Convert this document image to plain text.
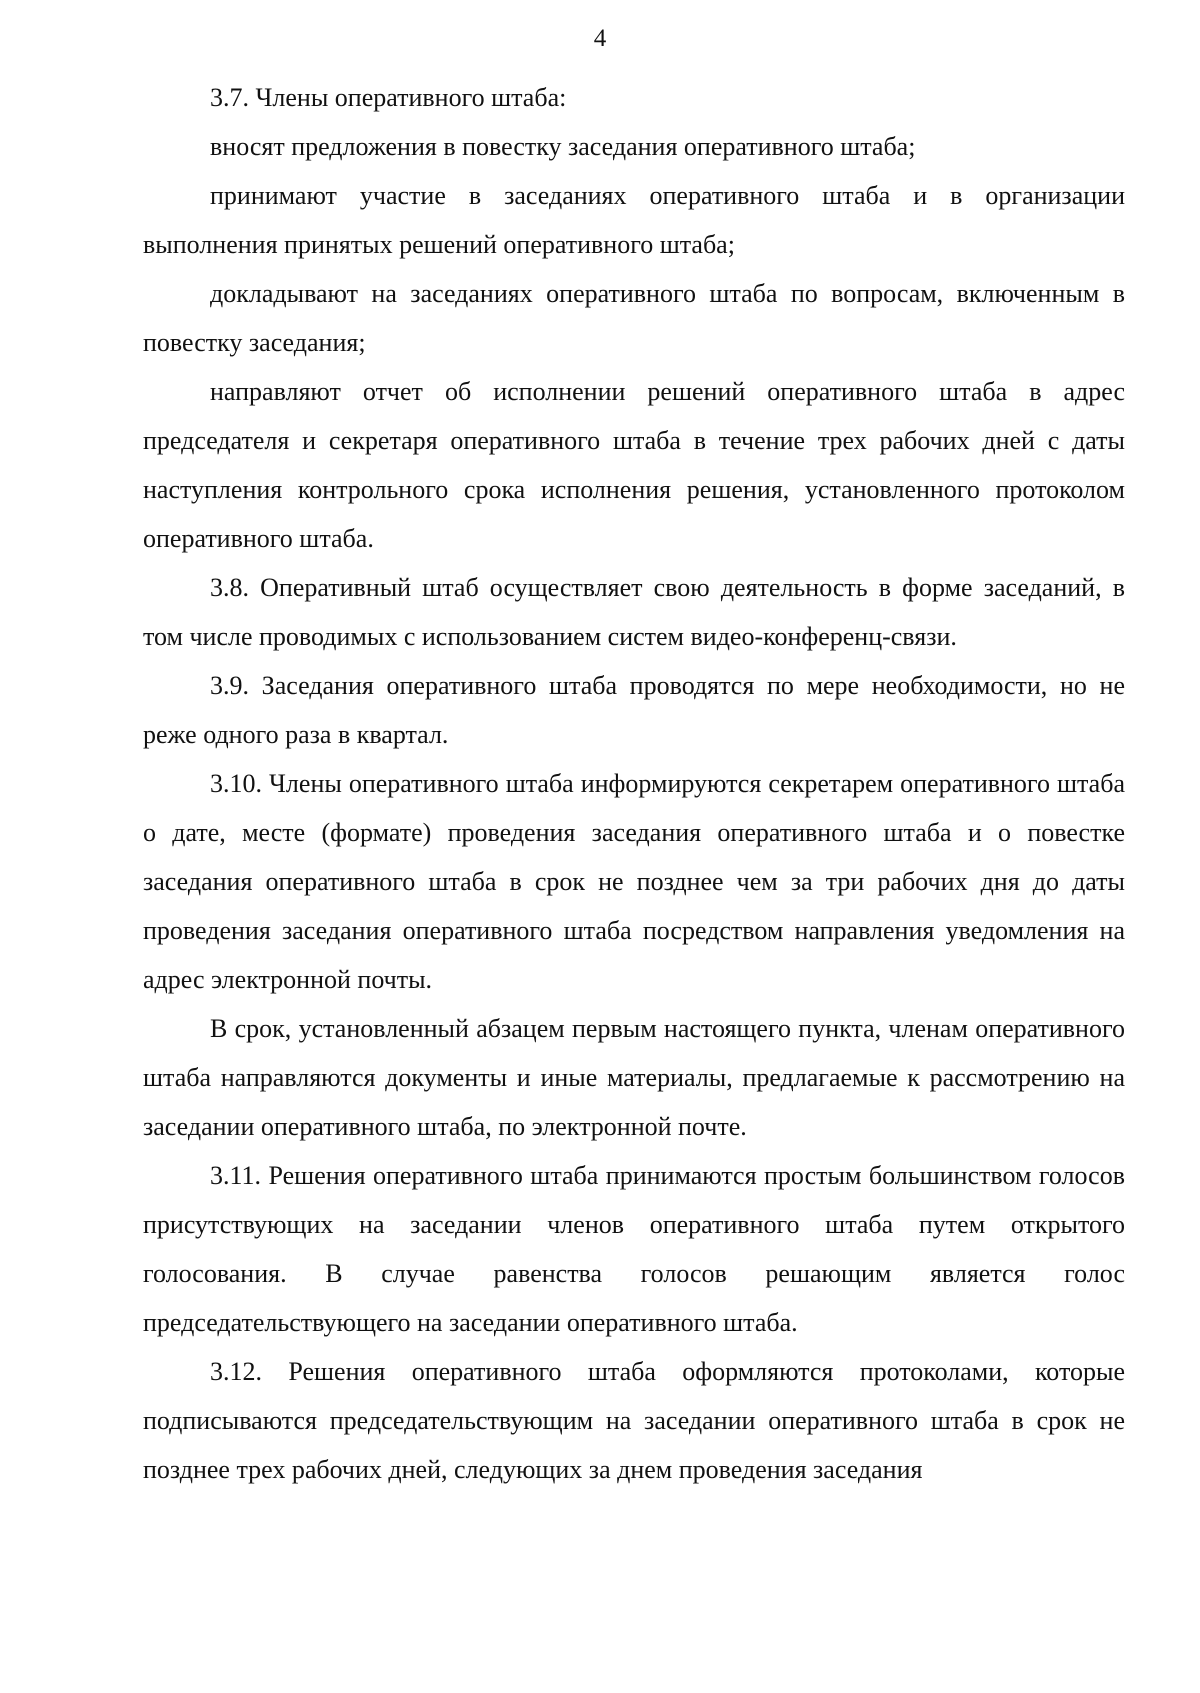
4

3.7. Члены оперативного штаба:

вносят предложения в повестку заседания оперативного штаба;

принимают участие в заседаниях оперативного штаба и в организации выполнения принятых решений оперативного штаба;

докладывают на заседаниях оперативного штаба по вопросам, включенным в повестку заседания;

направляют отчет об исполнении решений оперативного штаба в адрес председателя и секретаря оперативного штаба в течение трех рабочих дней с даты наступления контрольного срока исполнения решения, установленного протоколом оперативного штаба.

3.8. Оперативный штаб осуществляет свою деятельность в форме заседаний, в том числе проводимых с использованием систем видео-конференц-связи.

3.9. Заседания оперативного штаба проводятся по мере необходимости, но не реже одного раза в квартал.

3.10. Члены оперативного штаба информируются секретарем оперативного штаба о дате, месте (формате) проведения заседания оперативного штаба и о повестке заседания оперативного штаба в срок не позднее чем за три рабочих дня до даты проведения заседания оперативного штаба посредством направления уведомления на адрес электронной почты.

В срок, установленный абзацем первым настоящего пункта, членам оперативного штаба направляются документы и иные материалы, предлагаемые к рассмотрению на заседании оперативного штаба, по электронной почте.

3.11. Решения оперативного штаба принимаются простым большинством голосов присутствующих на заседании членов оперативного штаба путем открытого голосования. В случае равенства голосов решающим является голос председательствующего на заседании оперативного штаба.

3.12. Решения оперативного штаба оформляются протоколами, которые подписываются председательствующим на заседании оперативного штаба в срок не позднее трех рабочих дней, следующих за днем проведения заседания
